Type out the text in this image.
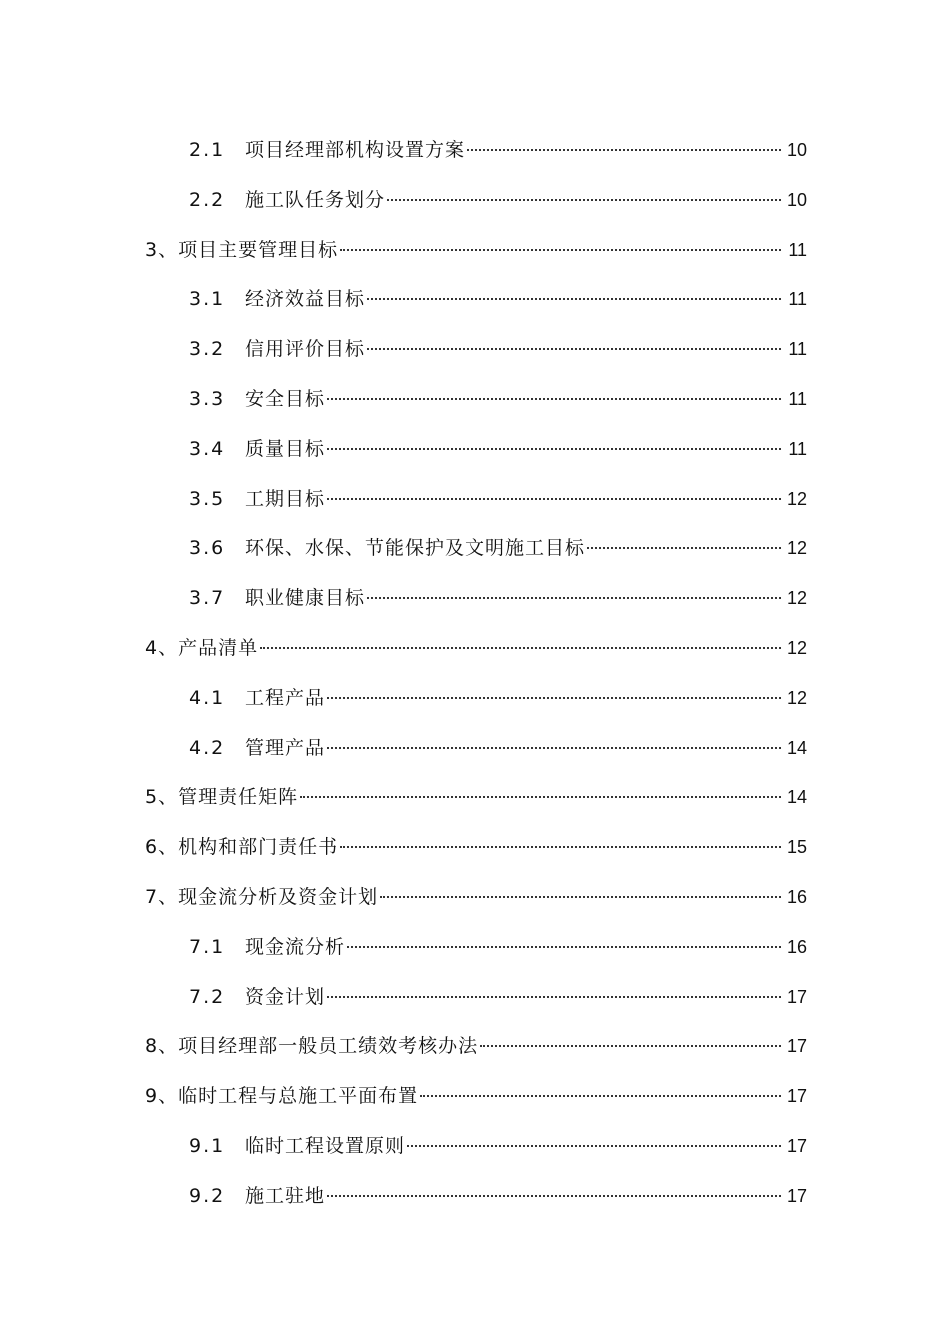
2.1	项目经理部机构设置方案	10
2.2	施工队任务划分	10
3、 项目主要管理目标	11
3.1	经济效益目标	11
3.2	信用评价目标	11
3.3	安全目标	11
3.4	质量目标	11
3.5	工期目标	12
3.6	环保、水保、节能保护及文明施工目标	12
3.7	职业健康目标	12
4、 产品清单	12
4.1	工程产品	12
4.2	管理产品	14
5、 管理责任矩阵	14
6、 机构和部门责任书	15
7、 现金流分析及资金计划	16
7.1	现金流分析	16
7.2	资金计划	17
8、 项目经理部一般员工绩效考核办法	17
9、 临时工程与总施工平面布置	17
9.1	临时工程设置原则	17
9.2	施工驻地	17
